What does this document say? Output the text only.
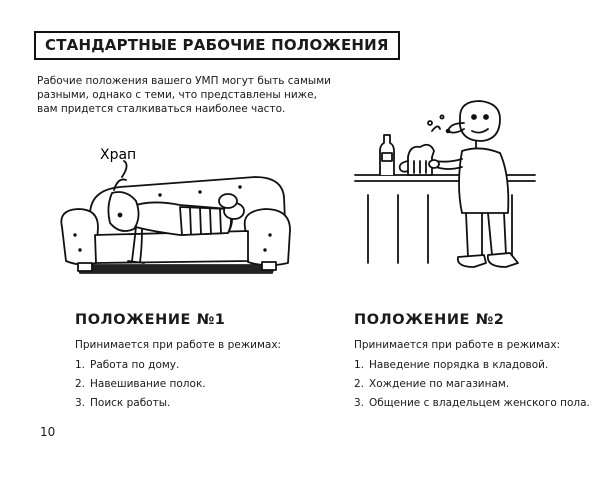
СТАНДАРТНЫЕ РАБОЧИЕ ПОЛОЖЕНИЯ
Рабочие положения вашего УМП могут быть самыми
разными, однако с теми, что представлены ниже,
вам придется сталкиваться наиболее часто.
Храп
ПОЛОЖЕНИЕ №1
Принимается при работе в режимах:
1. Работа по дому.
2. Навешивание полок.
3. Поиск работы.
ПОЛОЖЕНИЕ №2
Принимается при работе в режимах:
1. Наведение порядка в кладовой.
2. Хождение по магазинам.
3. Общение с владельцем женского пола.
10
